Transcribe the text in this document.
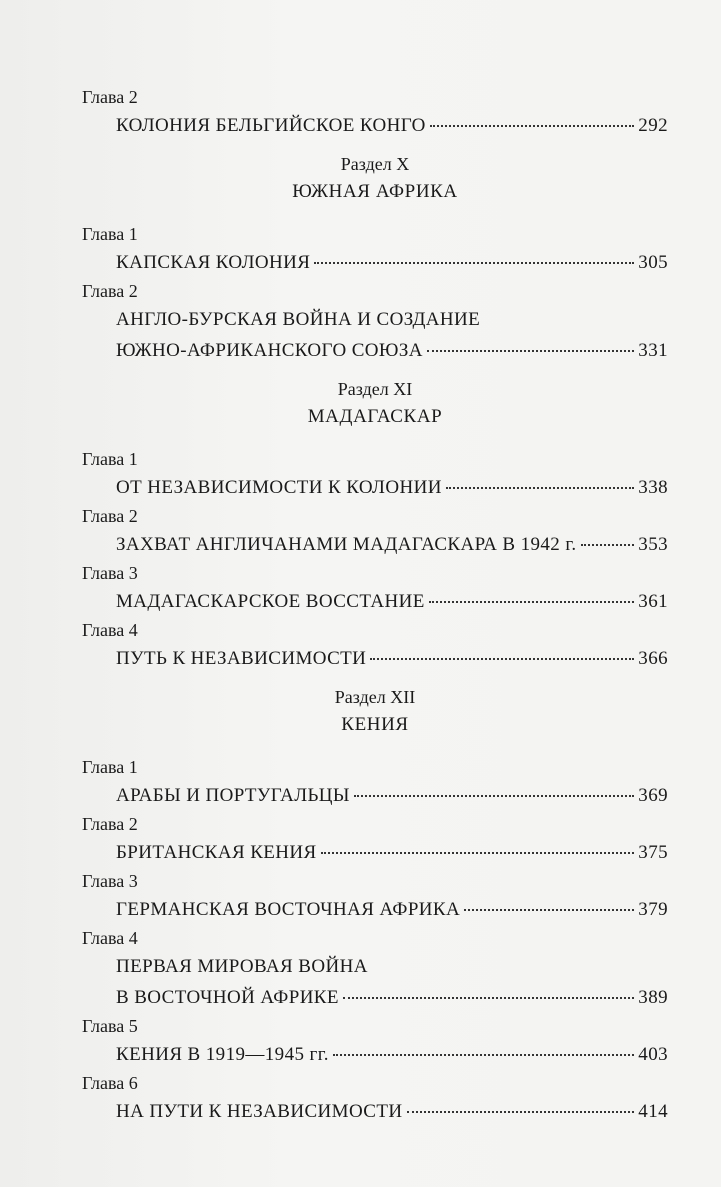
Глава 2
КОЛОНИЯ БЕЛЬГИЙСКОЕ КОНГО	292
Раздел X
ЮЖНАЯ АФРИКА
Глава 1
КАПСКАЯ КОЛОНИЯ	305
Глава 2
АНГЛО-БУРСКАЯ ВОЙНА И СОЗДАНИЕ
ЮЖНО-АФРИКАНСКОГО СОЮЗА	331
Раздел XI
МАДАГАСКАР
Глава 1
ОТ НЕЗАВИСИМОСТИ К КОЛОНИИ	338
Глава 2
ЗАХВАТ АНГЛИЧАНАМИ МАДАГАСКАРА В 1942 г.	353
Глава 3
МАДАГАСКАРСКОЕ ВОССТАНИЕ	361
Глава 4
ПУТЬ К НЕЗАВИСИМОСТИ	366
Раздел XII
КЕНИЯ
Глава 1
АРАБЫ И ПОРТУГАЛЬЦЫ	369
Глава 2
БРИТАНСКАЯ КЕНИЯ	375
Глава 3
ГЕРМАНСКАЯ ВОСТОЧНАЯ АФРИКА	379
Глава 4
ПЕРВАЯ МИРОВАЯ ВОЙНА
В ВОСТОЧНОЙ АФРИКЕ	389
Глава 5
КЕНИЯ В 1919—1945 гг.	403
Глава 6
НА ПУТИ К НЕЗАВИСИМОСТИ	414
